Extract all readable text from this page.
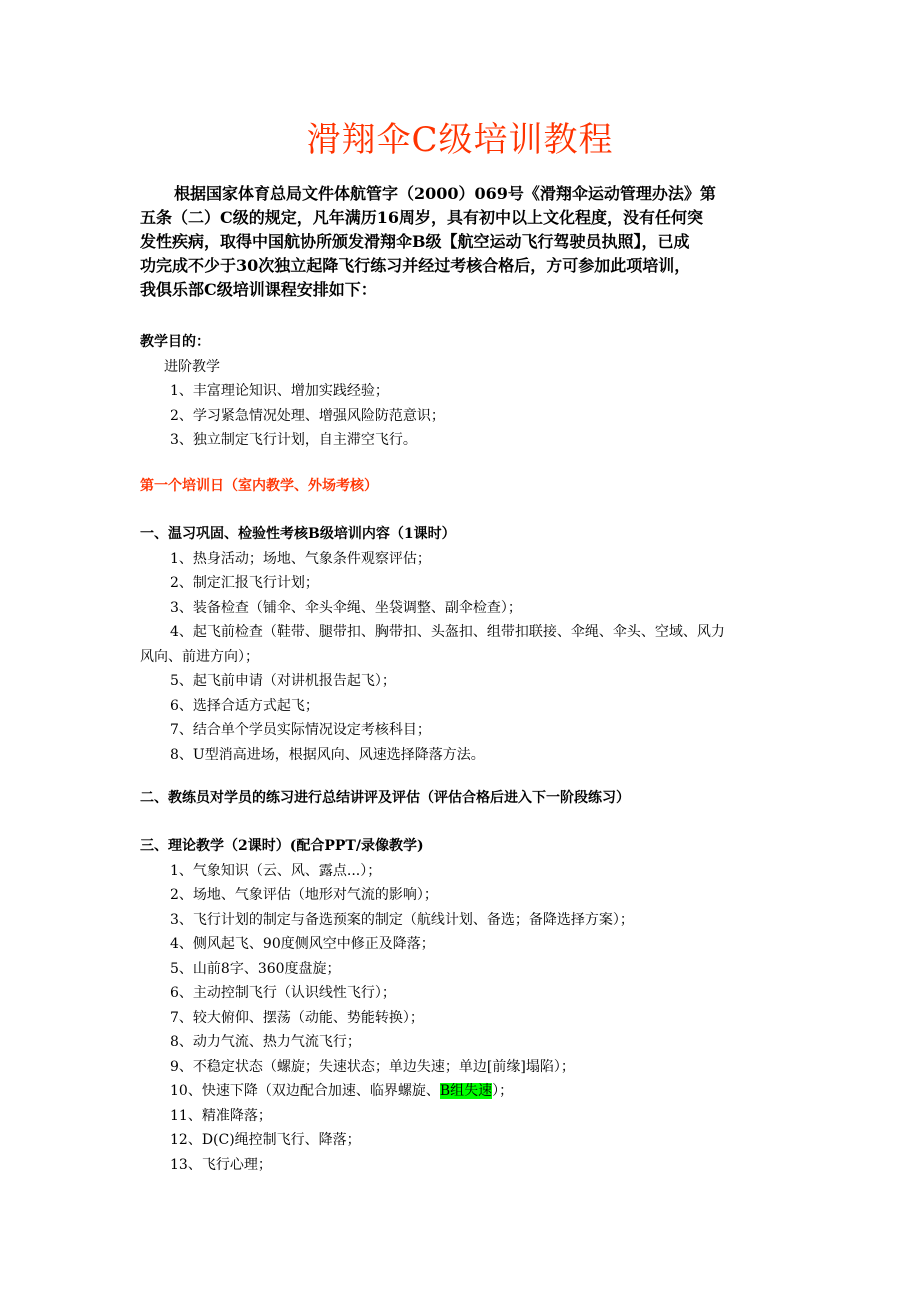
滑翔伞C级培训教程
根据国家体育总局文件体航管字（2000）069号《滑翔伞运动管理办法》第
五条（二）C级的规定，凡年满历16周岁，具有初中以上文化程度，没有任何突
发性疾病，取得中国航协所颁发滑翔伞B级【航空运动飞行驾驶员执照】，已成
功完成不少于30次独立起降飞行练习并经过考核合格后，方可参加此项培训，
我俱乐部C级培训课程安排如下：
教学目的：
进阶教学
1、丰富理论知识、增加实践经验；
2、学习紧急情况处理、增强风险防范意识；
3、独立制定飞行计划，自主滞空飞行。
第一个培训日（室内教学、外场考核）
一、温习巩固、检验性考核B级培训内容（1课时）
1、热身活动；场地、气象条件观察评估；
2、制定汇报飞行计划；
3、装备检查（铺伞、伞头伞绳、坐袋调整、副伞检查）；
4、起飞前检查（鞋带、腿带扣、胸带扣、头盔扣、组带扣联接、伞绳、伞头、空域、风力
风向、前进方向）；
5、起飞前申请（对讲机报告起飞）；
6、选择合适方式起飞；
7、结合单个学员实际情况设定考核科目；
8、U型消高进场，根据风向、风速选择降落方法。
二、教练员对学员的练习进行总结讲评及评估（评估合格后进入下一阶段练习）
三、理论教学（2课时）(配合PPT/录像教学)
1、气象知识（云、风、露点...）；
2、场地、气象评估（地形对气流的影响）；
3、飞行计划的制定与备选预案的制定（航线计划、备选；备降选择方案）；
4、侧风起飞、90度侧风空中修正及降落；
5、山前8字、360度盘旋；
6、主动控制飞行（认识线性飞行）；
7、较大俯仰、摆荡（动能、势能转换）；
8、动力气流、热力气流飞行；
9、不稳定状态（螺旋；失速状态；单边失速；单边[前缘]塌陷）；
10、快速下降（双边配合加速、临界螺旋、B组失速）；
11、精准降落；
12、D(C)绳控制飞行、降落；
13、飞行心理；
